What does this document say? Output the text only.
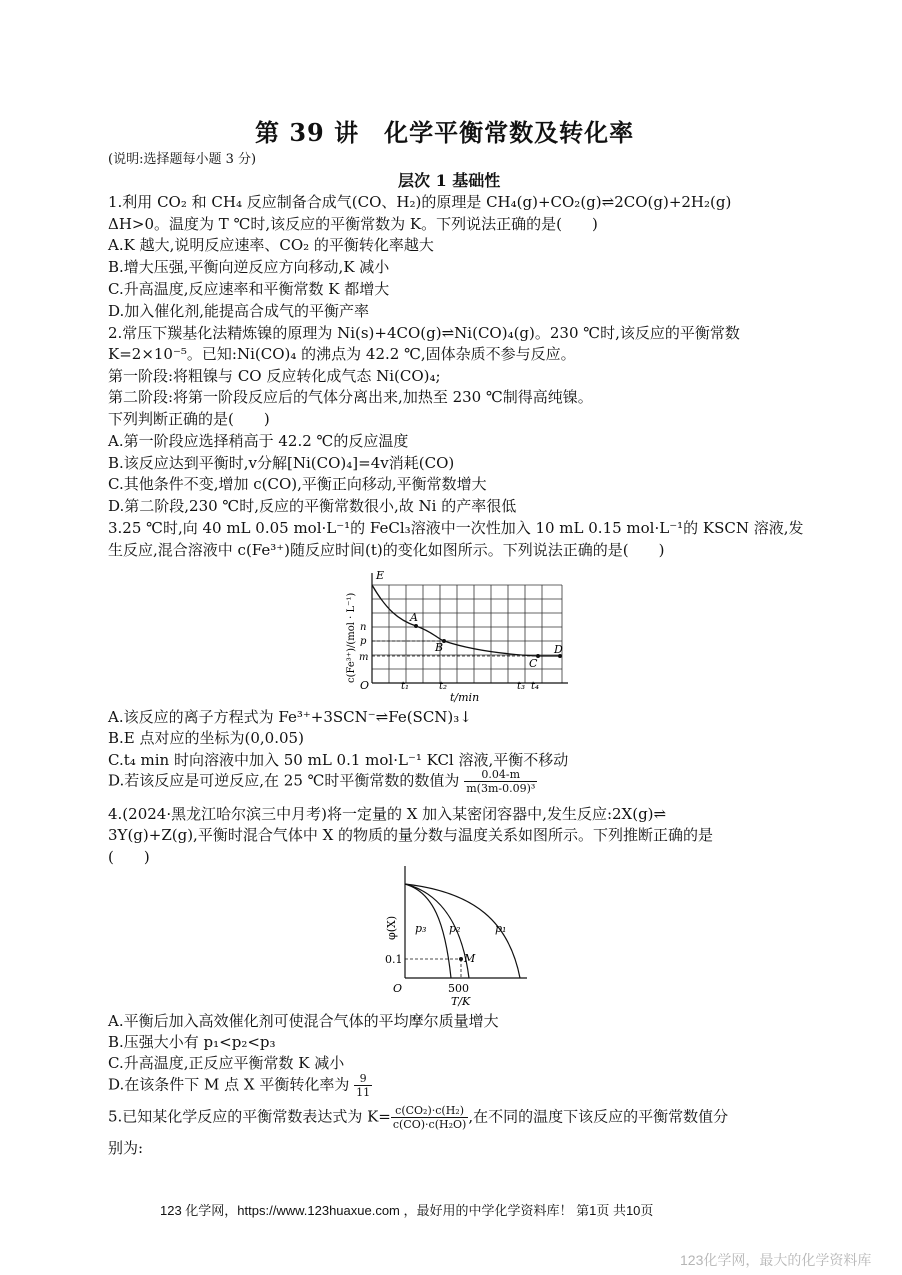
第 39 讲　化学平衡常数及转化率
(说明:选择题每小题 3 分)
层次 1 基础性
1.利用 CO₂ 和 CH₄ 反应制备合成气(CO、H₂)的原理是 CH₄(g)+CO₂(g)⇌2CO(g)+2H₂(g)
ΔH>0。温度为 T ℃时,该反应的平衡常数为 K。下列说法正确的是(　　)
A.K 越大,说明反应速率、CO₂ 的平衡转化率越大
B.增大压强,平衡向逆反应方向移动,K 减小
C.升高温度,反应速率和平衡常数 K 都增大
D.加入催化剂,能提高合成气的平衡产率
2.常压下羰基化法精炼镍的原理为 Ni(s)+4CO(g)⇌Ni(CO)₄(g)。230 ℃时,该反应的平衡常数
K=2×10⁻⁵。已知:Ni(CO)₄ 的沸点为 42.2 ℃,固体杂质不参与反应。
第一阶段:将粗镍与 CO 反应转化成气态 Ni(CO)₄;
第二阶段:将第一阶段反应后的气体分离出来,加热至 230 ℃制得高纯镍。
下列判断正确的是(　　)
A.第一阶段应选择稍高于 42.2 ℃的反应温度
B.该反应达到平衡时,v分解[Ni(CO)₄]=4v消耗(CO)
C.其他条件不变,增加 c(CO),平衡正向移动,平衡常数增大
D.第二阶段,230 ℃时,反应的平衡常数很小,故 Ni 的产率很低
3.25 ℃时,向 40 mL 0.05 mol·L⁻¹的 FeCl₃溶液中一次性加入 10 mL 0.15 mol·L⁻¹的 KSCN 溶液,发
生反应,混合溶液中 c(Fe³⁺)随反应时间(t)的变化如图所示。下列说法正确的是(　　)
E
A
B
C
D
n
p
m
O	t₁	t₂	t₃ t₄
t/min
c(Fe³⁺)/(mol · L⁻¹)
A.该反应的离子方程式为 Fe³⁺+3SCN⁻⇌Fe(SCN)₃↓
B.E 点对应的坐标为(0,0.05)
C.t₄ min 时向溶液中加入 50 mL 0.1 mol·L⁻¹ KCl 溶液,平衡不移动
D.若该反应是可逆反应,在 25 ℃时平衡常数的数值为 $\frac{0.04-m}{\text{m(3m-0.09)³}}$
4.(2024·黑龙江哈尔滨三中月考)将一定量的 X 加入某密闭容器中,发生反应:2X(g)⇌
3Y(g)+Z(g),平衡时混合气体中 X 的物质的量分数与温度关系如图所示。下列推断正确的是
(　　)
p₃ p₂	p₁
M
0.1
500
O
T/K
φ(X)
A.平衡后加入高效催化剂可使混合气体的平均摩尔质量增大
B.压强大小有 p₁<p₂<p₃
C.升高温度,正反应平衡常数 K 减小
D.在该条件下 M 点 X 平衡转化率为 $\frac{9}{11}$
5.已知某化学反应的平衡常数表达式为 $K= \frac{\text{c(CO₂)·c(H₂)}}{\text{c(CO)·c(H₂O)}}$ ,在不同的温度下该反应的平衡常数值分
别为:
123 化学网，https://www.123huaxue.com ，最好用的中学化学资料库！ 第1页 共10页
123化学网，最大的化学资料库
